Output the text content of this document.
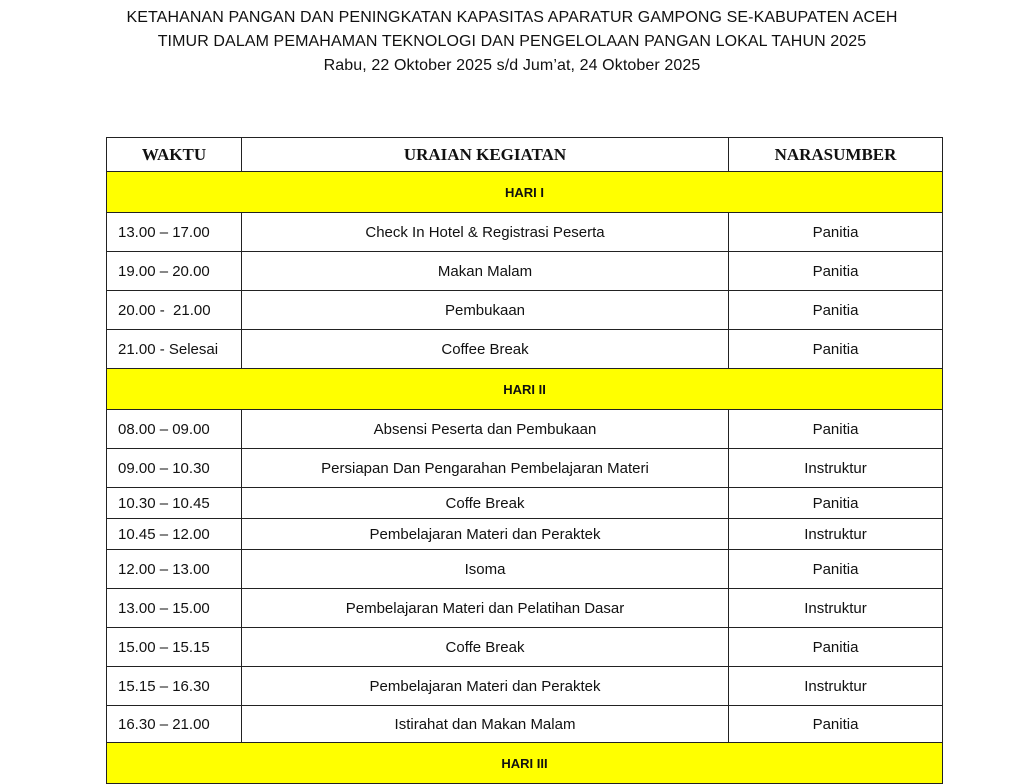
KETAHANAN PANGAN DAN PENINGKATAN KAPASITAS APARATUR GAMPONG SE-KABUPATEN ACEH
TIMUR DALAM PEMAHAMAN TEKNOLOGI DAN PENGELOLAAN PANGAN LOKAL TAHUN 2025
Rabu, 22 Oktober 2025 s/d Jum’at, 24 Oktober 2025
WAKTU	URAIAN KEGIATAN	NARASUMBER
HARI I		
13.00 – 17.00	Check In Hotel & Registrasi Peserta	Panitia
19.00 – 20.00	Makan Malam	Panitia
20.00 -  21.00	Pembukaan	Panitia
21.00 - Selesai	Coffee Break	Panitia
HARI II		
08.00 – 09.00	Absensi Peserta dan Pembukaan	Panitia
09.00 – 10.30	Persiapan Dan Pengarahan Pembelajaran Materi	Instruktur
10.30 – 10.45	Coffe Break	Panitia
10.45 – 12.00	Pembelajaran Materi dan Peraktek	Instruktur
12.00 – 13.00	Isoma	Panitia
13.00 – 15.00	Pembelajaran Materi dan Pelatihan Dasar	Instruktur
15.00 – 15.15	Coffe Break	Panitia
15.15 – 16.30	Pembelajaran Materi dan Peraktek	Instruktur
16.30 – 21.00	Istirahat dan Makan Malam	Panitia
HARI III		
